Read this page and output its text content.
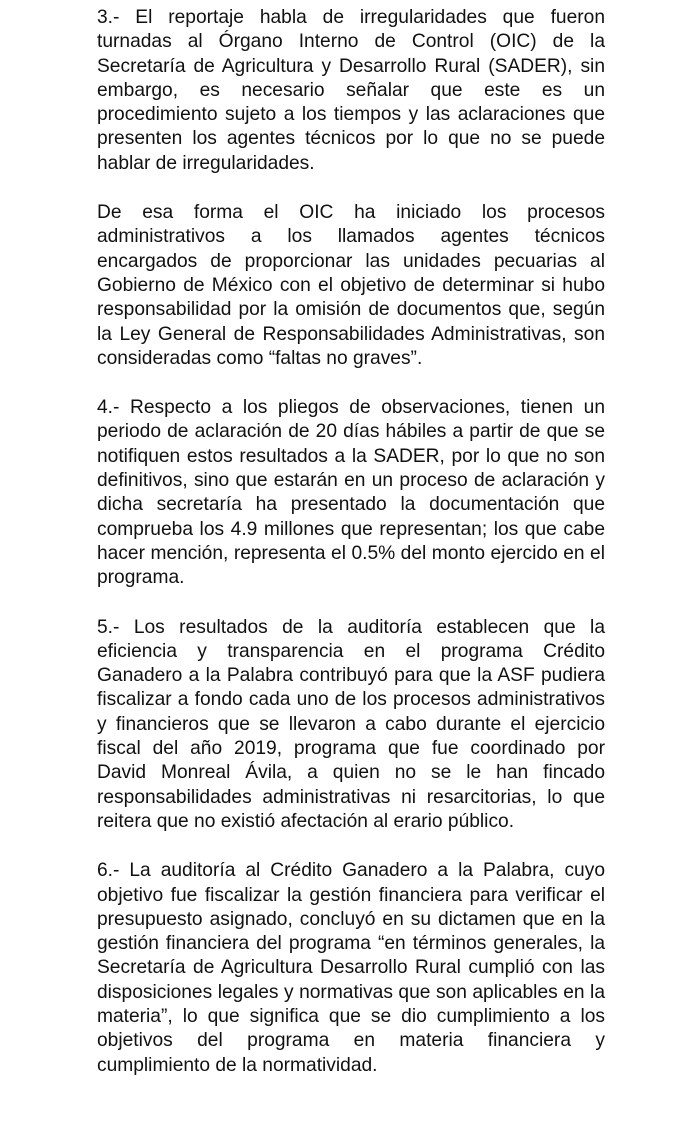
3.- El reportaje habla de irregularidades que fueron turnadas al Órgano Interno de Control (OIC) de la Secretaría de Agricultura y Desarrollo Rural (SADER), sin embargo, es necesario señalar que este es un procedimiento sujeto a los tiempos y las aclaraciones que presenten los agentes técnicos por lo que no se puede hablar de irregularidades.

De esa forma el OIC ha iniciado los procesos administrativos a los llamados agentes técnicos encargados de proporcionar las unidades pecuarias al Gobierno de México con el objetivo de determinar si hubo responsabilidad por la omisión de documentos que, según la Ley General de Responsabilidades Administrativas, son consideradas como “faltas no graves”.

4.- Respecto a los pliegos de observaciones, tienen un periodo de aclaración de 20 días hábiles a partir de que se notifiquen estos resultados a la SADER, por lo que no son definitivos, sino que estarán en un proceso de aclaración y dicha secretaría ha presentado la documentación que comprueba los 4.9 millones que representan; los que cabe hacer mención, representa el 0.5% del monto ejercido en el programa.

5.- Los resultados de la auditoría establecen que la eficiencia y transparencia en el programa Crédito Ganadero a la Palabra contribuyó para que la ASF pudiera fiscalizar a fondo cada uno de los procesos administrativos y financieros que se llevaron a cabo durante el ejercicio fiscal del año 2019, programa que fue coordinado por David Monreal Ávila, a quien no se le han fincado responsabilidades administrativas ni resarcitorias, lo que reitera que no existió afectación al erario público.

6.- La auditoría al Crédito Ganadero a la Palabra, cuyo objetivo fue fiscalizar la gestión financiera para verificar el presupuesto asignado, concluyó en su dictamen que en la gestión financiera del programa “en términos generales, la Secretaría de Agricultura Desarrollo Rural cumplió con las disposiciones legales y normativas que son aplicables en la materia”, lo que significa que se dio cumplimiento a los objetivos del programa en materia financiera y cumplimiento de la normatividad.
